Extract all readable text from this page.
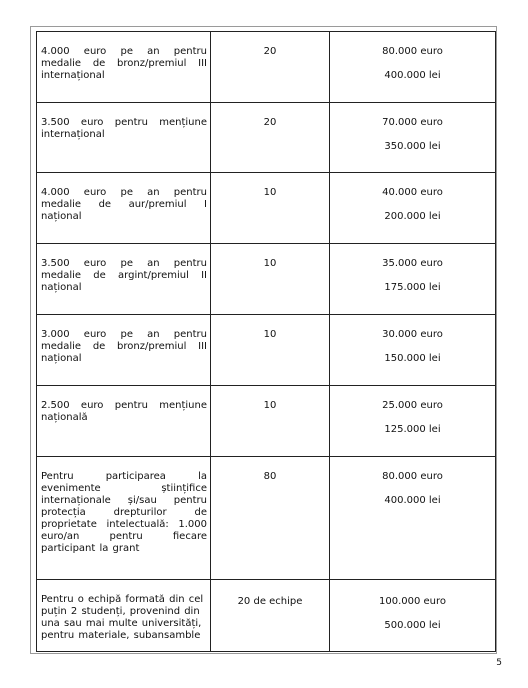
4.000 euro pe an pentru medalie de bronz/premiul III internațional	20	80.000 euro
400.000 lei

3.500 euro pentru mențiune internațional	20	70.000 euro
350.000 lei

4.000 euro pe an pentru medalie de aur/premiul I național	10	40.000 euro
200.000 lei

3.500 euro pe an pentru medalie de argint/premiul II național	10	35.000 euro
175.000 lei

3.000 euro pe an pentru medalie de bronz/premiul III național	10	30.000 euro
150.000 lei

2.500 euro pentru mențiune națională	10	25.000 euro
125.000 lei

Pentru participarea la evenimente științifice internaționale și/sau pentru protecția drepturilor de proprietate intelectuală: 1.000 euro/an pentru fiecare participant la grant	80	80.000 euro
400.000 lei

Pentru o echipă formată din cel puțin 2 studenți, provenind din una sau mai multe universități, pentru materiale, subansamble	20 de echipe	100.000 euro
500.000 lei
5
